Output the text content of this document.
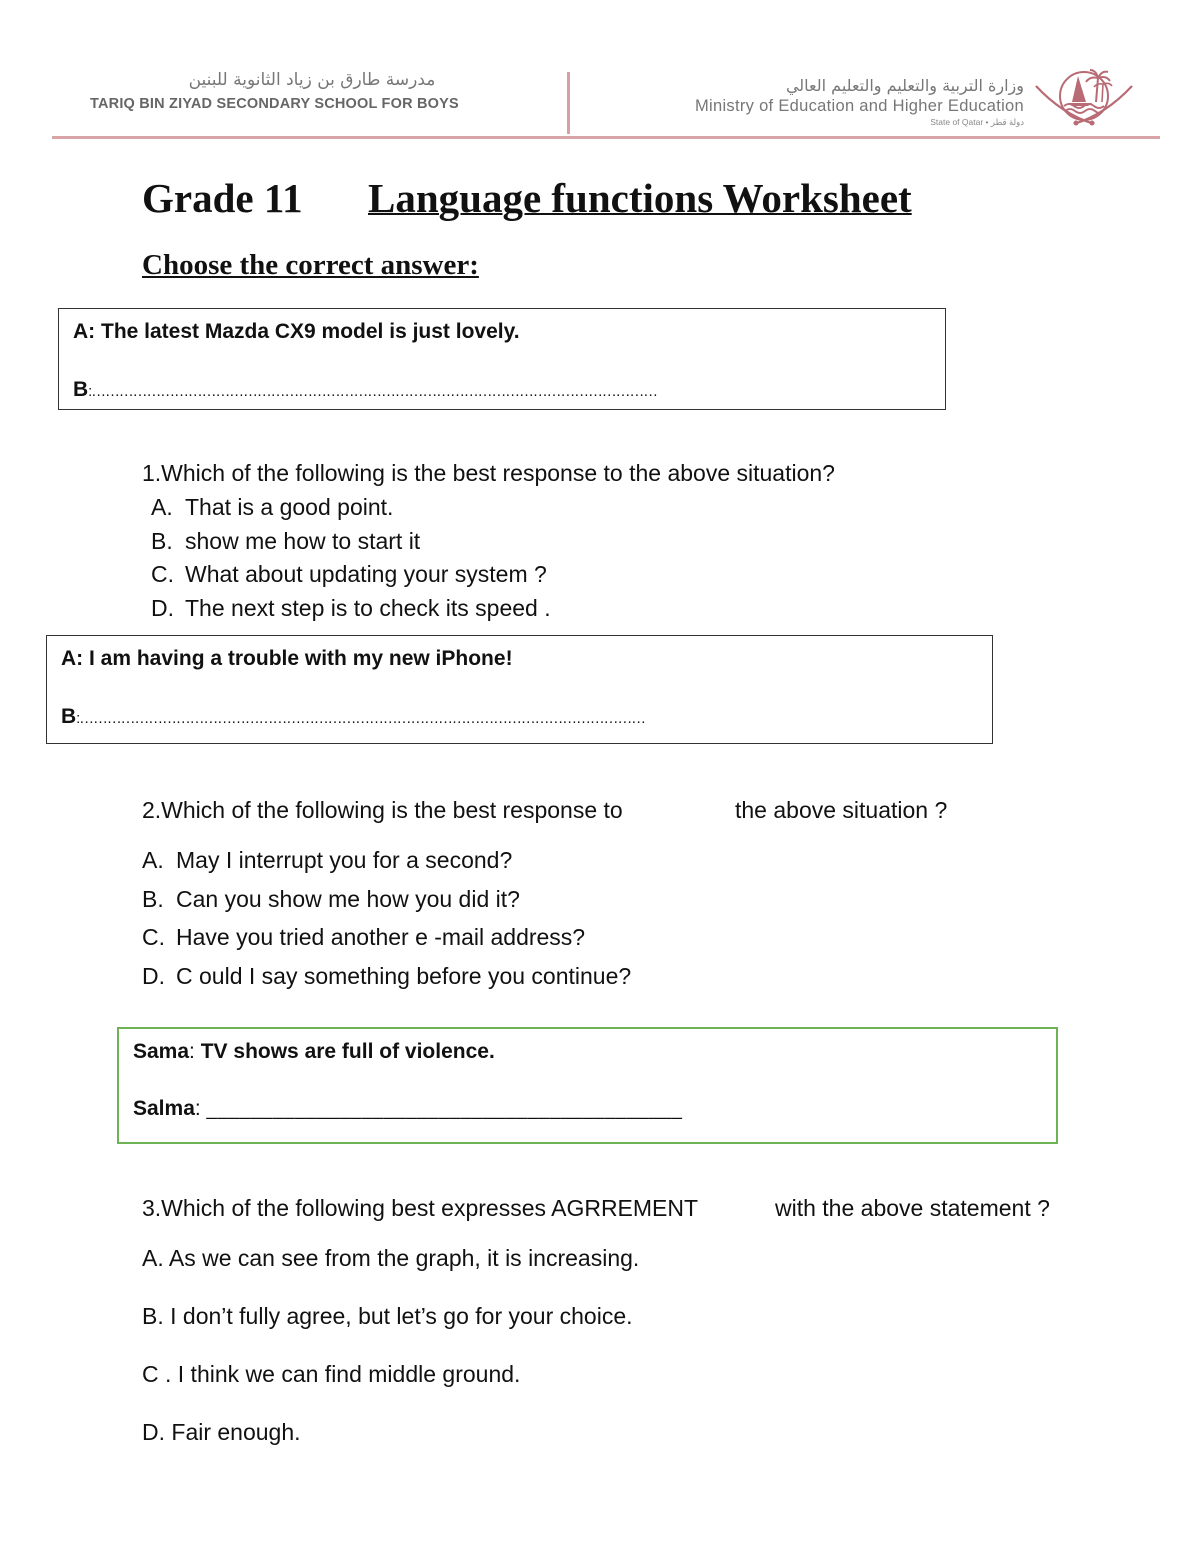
مدرسة طارق بن زياد الثانوية للبنين
TARIQ BIN ZIYAD SECONDARY SCHOOL FOR BOYS
وزارة التربية والتعليم والتعليم العالي
Ministry of Education and Higher Education
State of Qatar • دولة قطر
Grade 11 Language functions Worksheet
Choose the correct answer:
A: The latest Mazda CX9 model is just lovely.
B:……………………………………………………………………………………………………………
1.Which of the following is the best response to the above situation?
A. That is a good point.
B. show me how to start it
C. What about updating your system ?
D. The next step is to check its speed .
A: I am having a trouble with my new iPhone!
B:……………………………………………………………………………………………………………
2.Which of the following is the best response to	the above situation ?
A. May I interrupt you for a second?
B. Can you show me how you did it?
C. Have you tried another e -mail address?
D. C ould I say something before you continue?
Sama: TV shows are full of violence.
Salma: ___________________________________________
3.Which of the following best expresses AGRREMENT	with the above statement ?
A. As we can see from the graph, it is increasing.
B. I don’t fully agree, but let’s go for your choice.
C . I think we can find middle ground.
D. Fair enough.
